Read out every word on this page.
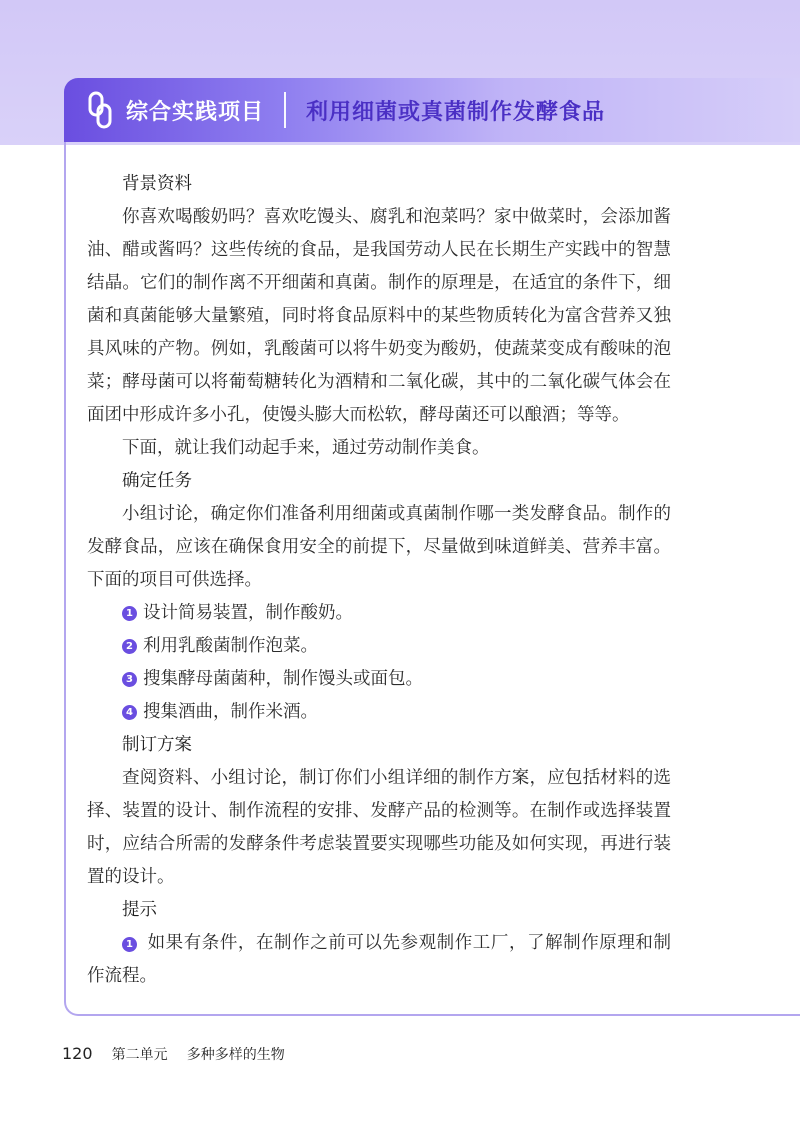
综合实践项目 利用细菌或真菌制作发酵食品
背景资料

你喜欢喝酸奶吗？喜欢吃馒头、腐乳和泡菜吗？家中做菜时，会添加酱油、醋或酱吗？这些传统的食品，是我国劳动人民在长期生产实践中的智慧结晶。它们的制作离不开细菌和真菌。制作的原理是，在适宜的条件下，细菌和真菌能够大量繁殖，同时将食品原料中的某些物质转化为富含营养又独具风味的产物。例如，乳酸菌可以将牛奶变为酸奶，使蔬菜变成有酸味的泡菜；酵母菌可以将葡萄糖转化为酒精和二氧化碳，其中的二氧化碳气体会在面团中形成许多小孔，使馒头膨大而松软，酵母菌还可以酿酒；等等。

下面，就让我们动起手来，通过劳动制作美食。

确定任务

小组讨论，确定你们准备利用细菌或真菌制作哪一类发酵食品。制作的发酵食品，应该在确保食用安全的前提下，尽量做到味道鲜美、营养丰富。下面的项目可供选择。

1 设计简易装置，制作酸奶。
2 利用乳酸菌制作泡菜。
3 搜集酵母菌菌种，制作馒头或面包。
4 搜集酒曲，制作米酒。
制订方案

查阅资料、小组讨论，制订你们小组详细的制作方案，应包括材料的选择、装置的设计、制作流程的安排、发酵产品的检测等。在制作或选择装置时，应结合所需的发酵条件考虑装置要实现哪些功能及如何实现，再进行装置的设计。

提示

1 如果有条件，在制作之前可以先参观制作工厂，了解制作原理和制作流程。

120 第二单元 多种多样的生物
